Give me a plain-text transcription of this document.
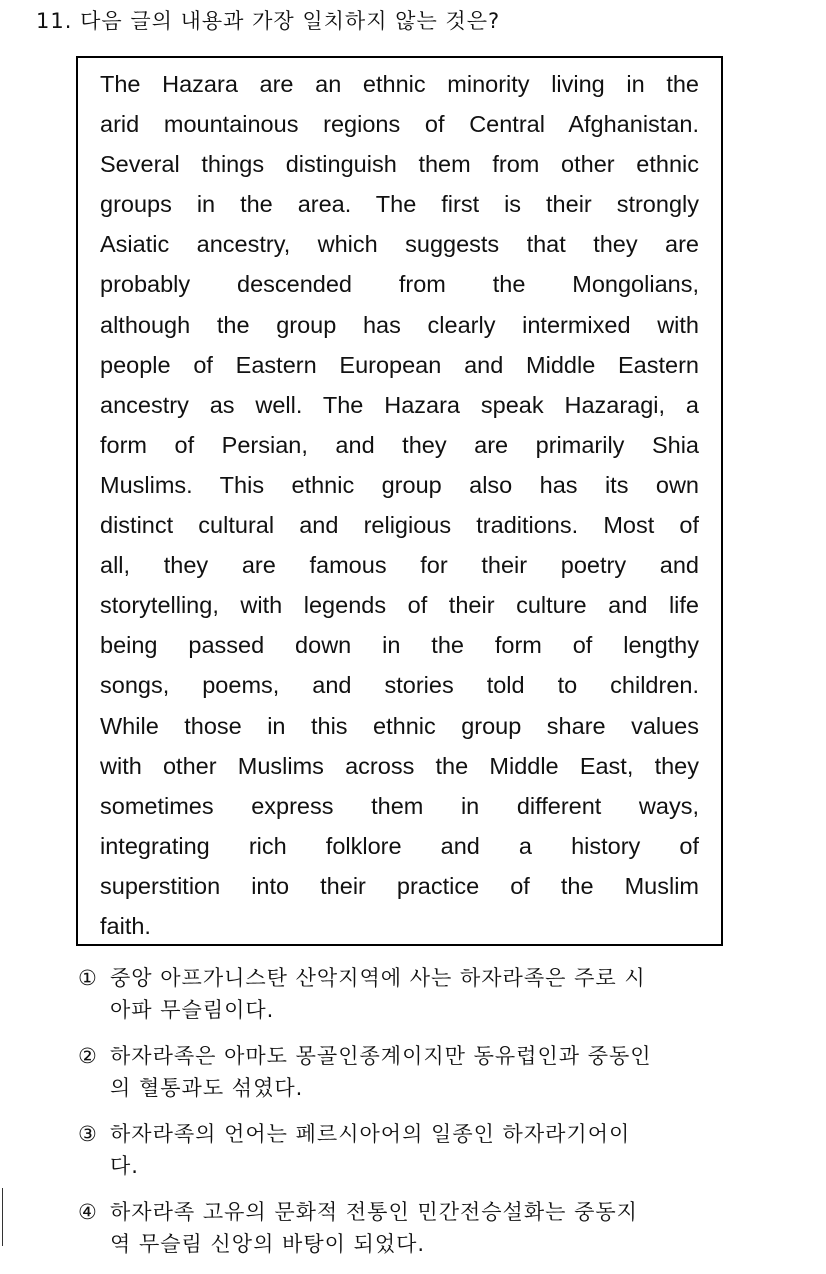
11. 다음 글의 내용과 가장 일치하지 않는 것은?
The Hazara are an ethnic minority living in the
arid mountainous regions of Central Afghanistan.
Several things distinguish them from other ethnic
groups in the area. The first is their strongly
Asiatic ancestry, which suggests that they are
probably descended from the Mongolians,
although the group has clearly intermixed with
people of Eastern European and Middle Eastern
ancestry as well. The Hazara speak Hazaragi, a
form of Persian, and they are primarily Shia
Muslims. This ethnic group also has its own
distinct cultural and religious traditions. Most of
all, they are famous for their poetry and
storytelling, with legends of their culture and life
being passed down in the form of lengthy
songs, poems, and stories told to children.
While those in this ethnic group share values
with other Muslims across the Middle East, they
sometimes express them in different ways,
integrating rich folklore and a history of
superstition into their practice of the Muslim
faith.
① 중앙 아프가니스탄 산악지역에 사는 하자라족은 주로 시
아파 무슬림이다.
② 하자라족은 아마도 몽골인종계이지만 동유럽인과 중동인
의 혈통과도 섞였다.
③ 하자라족의 언어는 페르시아어의 일종인 하자라기어이
다.
④ 하자라족 고유의 문화적 전통인 민간전승설화는 중동지
역 무슬림 신앙의 바탕이 되었다.
